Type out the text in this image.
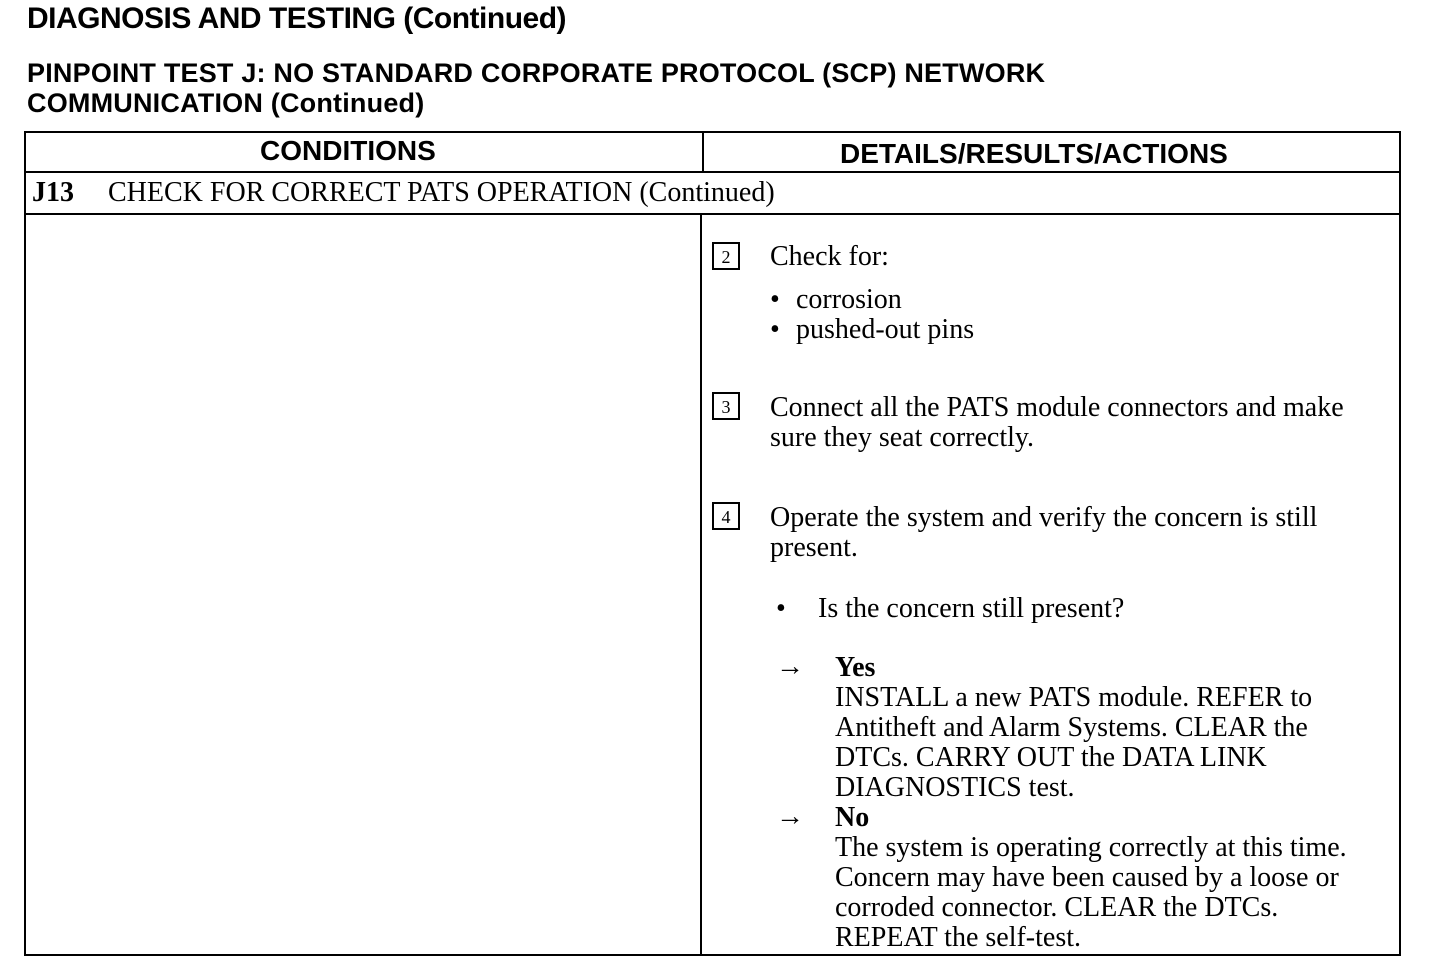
DIAGNOSIS AND TESTING (Continued)
PINPOINT TEST J: NO STANDARD CORPORATE PROTOCOL (SCP) NETWORK
COMMUNICATION (Continued)
CONDITIONS	DETAILS/RESULTS/ACTIONS
J13 CHECK FOR CORRECT PATS OPERATION (Continued)
2	Check for:
• corrosion
• pushed-out pins
3	Connect all the PATS module connectors and make
sure they seat correctly.
4	Operate the system and verify the concern is still
present.
• Is the concern still present?
→ Yes
INSTALL a new PATS module. REFER to
Antitheft and Alarm Systems. CLEAR the
DTCs. CARRY OUT the DATA LINK
DIAGNOSTICS test.
→ No
The system is operating correctly at this time.
Concern may have been caused by a loose or
corroded connector. CLEAR the DTCs.
REPEAT the self-test.
